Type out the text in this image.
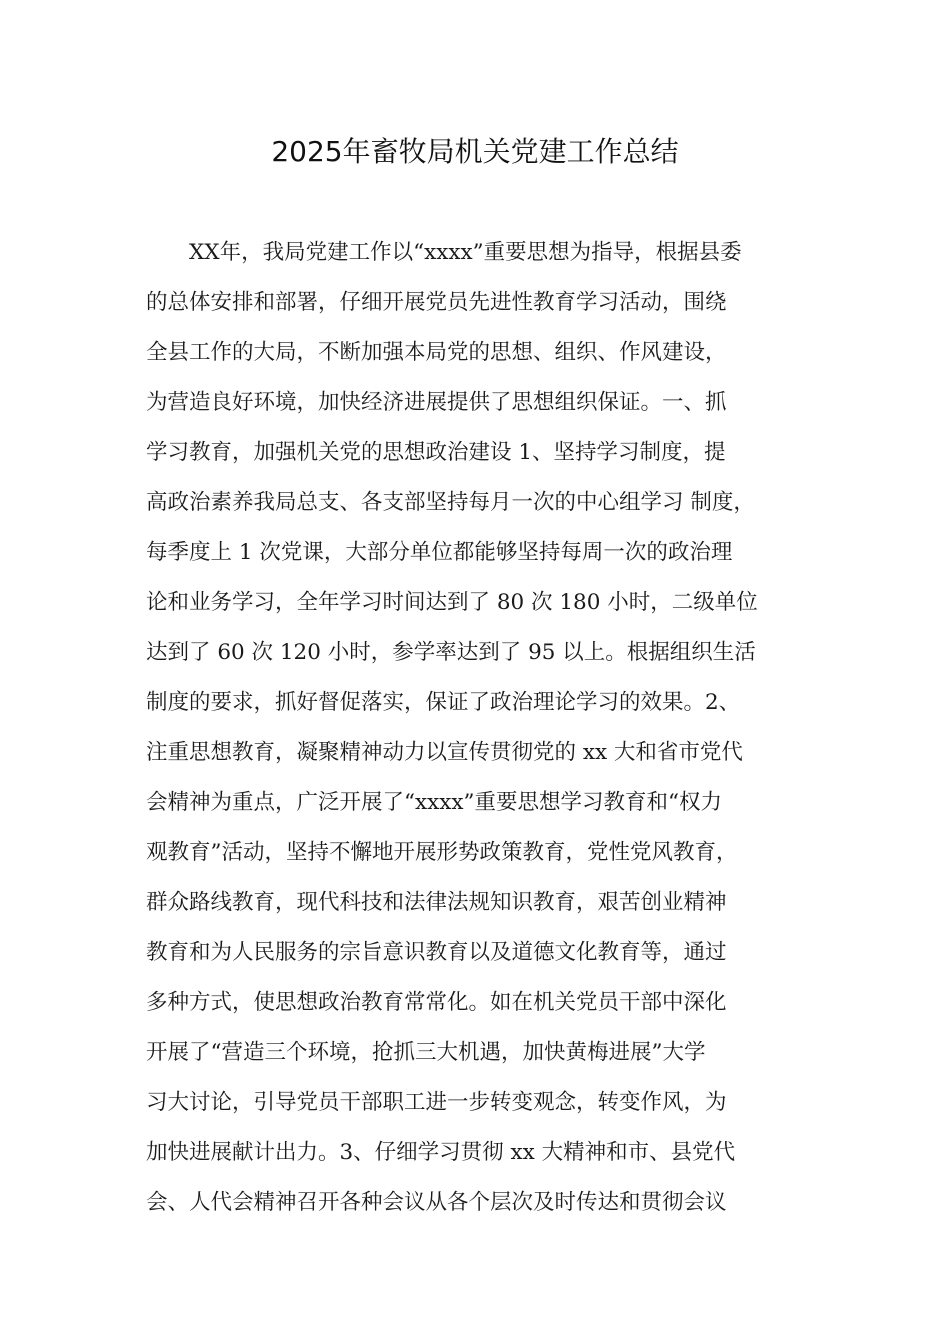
2025年畜牧局机关党建工作总结
　　XX年，我局党建工作以“xxxx”重要思想为指导，根据县委
的总体安排和部署，仔细开展党员先进性教育学习活动，围绕
全县工作的大局，不断加强本局党的思想、组织、作风建设，
为营造良好环境，加快经济进展提供了思想组织保证。一、抓
学习教育，加强机关党的思想政治建设 1、坚持学习制度，提
高政治素养我局总支、各支部坚持每月一次的中心组学习 制度，
每季度上 1 次党课，大部分单位都能够坚持每周一次的政治理
论和业务学习，全年学习时间达到了 80 次 180 小时，二级单位
达到了 60 次 120 小时，参学率达到了 95 以上。根据组织生活
制度的要求，抓好督促落实，保证了政治理论学习的效果。2、
注重思想教育，凝聚精神动力以宣传贯彻党的 xx 大和省市党代
会精神为重点，广泛开展了“xxxx”重要思想学习教育和“权力
观教育”活动，坚持不懈地开展形势政策教育，党性党风教育，
群众路线教育，现代科技和法律法规知识教育，艰苦创业精神
教育和为人民服务的宗旨意识教育以及道德文化教育等，通过
多种方式，使思想政治教育常常化。如在机关党员干部中深化
开展了“营造三个环境，抢抓三大机遇，加快黄梅进展”大学
习大讨论，引导党员干部职工进一步转变观念，转变作风，为
加快进展献计出力。3、仔细学习贯彻 xx 大精神和市、县党代
会、人代会精神召开各种会议从各个层次及时传达和贯彻会议
